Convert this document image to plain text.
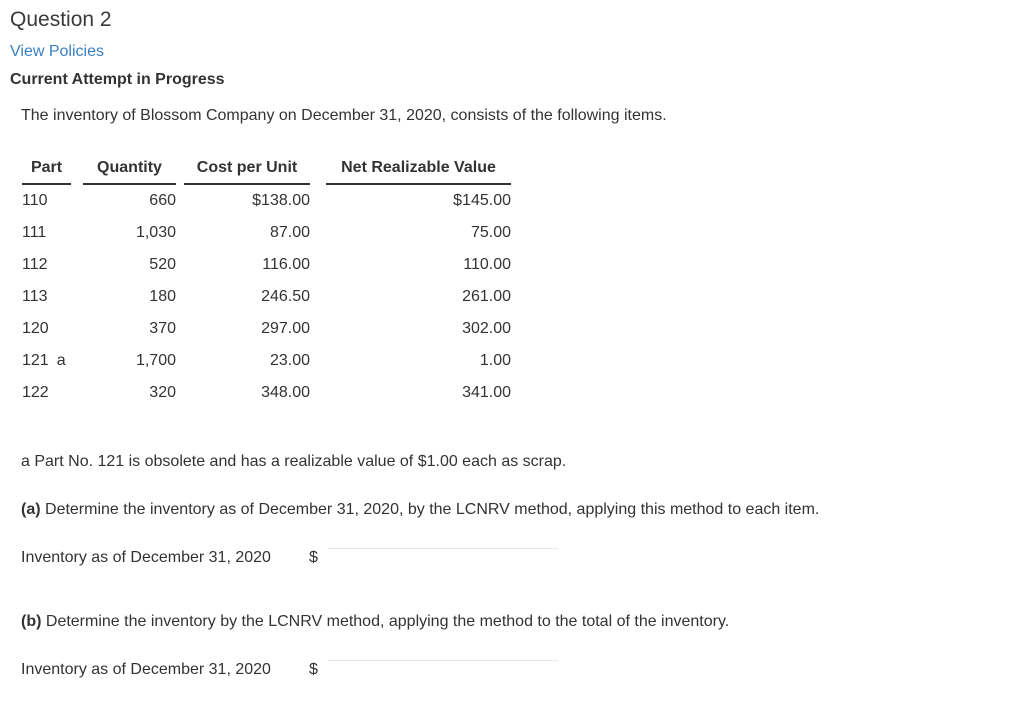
Question 2
View Policies
Current Attempt in Progress
The inventory of Blossom Company on December 31, 2020, consists of the following items.
Part		Quantity		Cost per Unit		Net Realizable Value
110		660		$138.00		$145.00
111		1,030		87.00		75.00
112		520		116.00		110.00
113		180		246.50		261.00
120		370		297.00		302.00
121 a		1,700		23.00		1.00
122		320		348.00		341.00
a Part No. 121 is obsolete and has a realizable value of $1.00 each as scrap.
(a) Determine the inventory as of December 31, 2020, by the LCNRV method, applying this method to each item.
Inventory as of December 31, 2020 $
(b) Determine the inventory by the LCNRV method, applying the method to the total of the inventory.
Inventory as of December 31, 2020 $
